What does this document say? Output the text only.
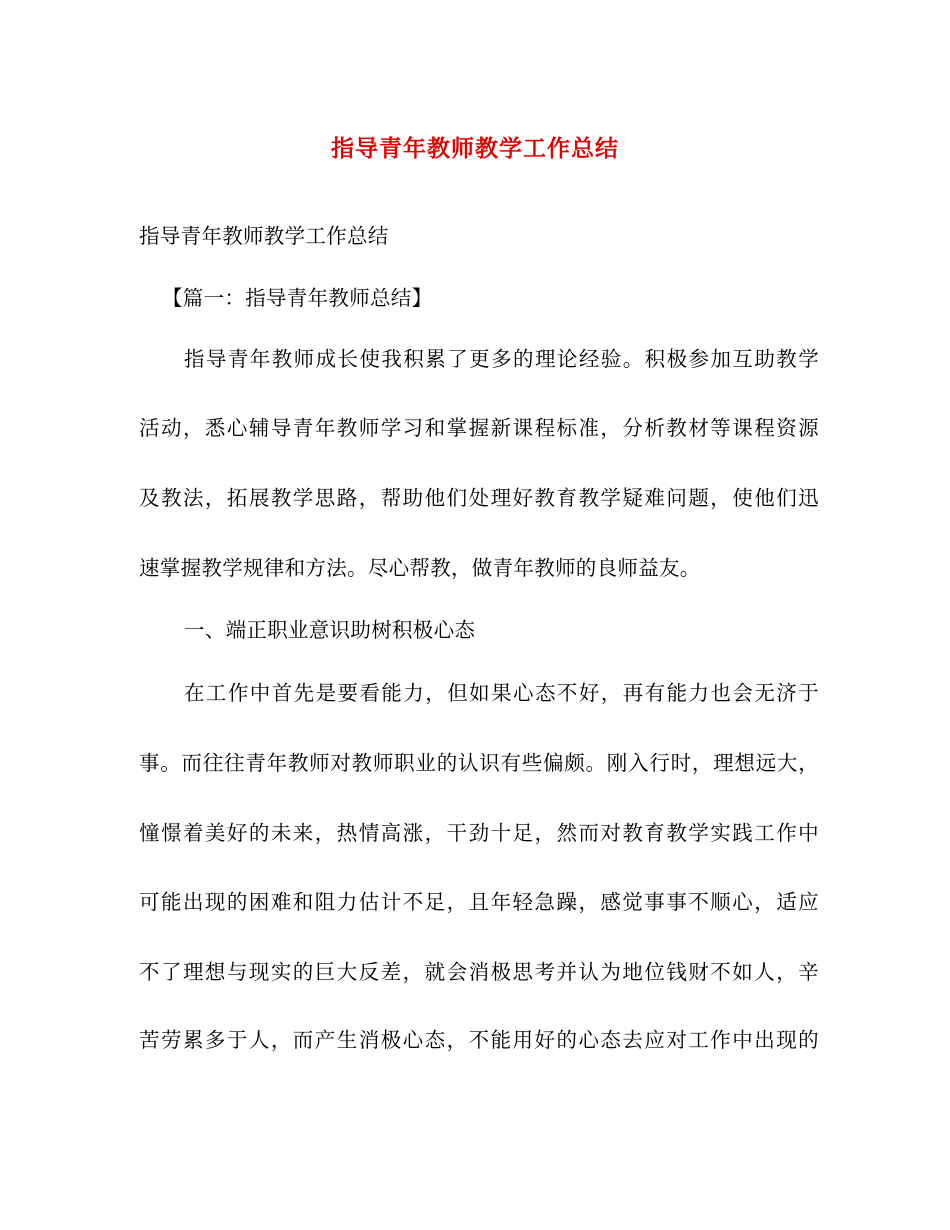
指导青年教师教学工作总结

指导青年教师教学工作总结

【篇一：指导青年教师总结】

指导青年教师成长使我积累了更多的理论经验。积极参加互助教学

活动，悉心辅导青年教师学习和掌握新课程标准，分析教材等课程资源

及教法，拓展教学思路，帮助他们处理好教育教学疑难问题，使他们迅

速掌握教学规律和方法。尽心帮教，做青年教师的良师益友。

一、端正职业意识助树积极心态

在工作中首先是要看能力，但如果心态不好，再有能力也会无济于

事。而往往青年教师对教师职业的认识有些偏颇。刚入行时，理想远大，

憧憬着美好的未来，热情高涨，干劲十足，然而对教育教学实践工作中

可能出现的困难和阻力估计不足，且年轻急躁，感觉事事不顺心，适应

不了理想与现实的巨大反差，就会消极思考并认为地位钱财不如人，辛

苦劳累多于人，而产生消极心态，不能用好的心态去应对工作中出现的
